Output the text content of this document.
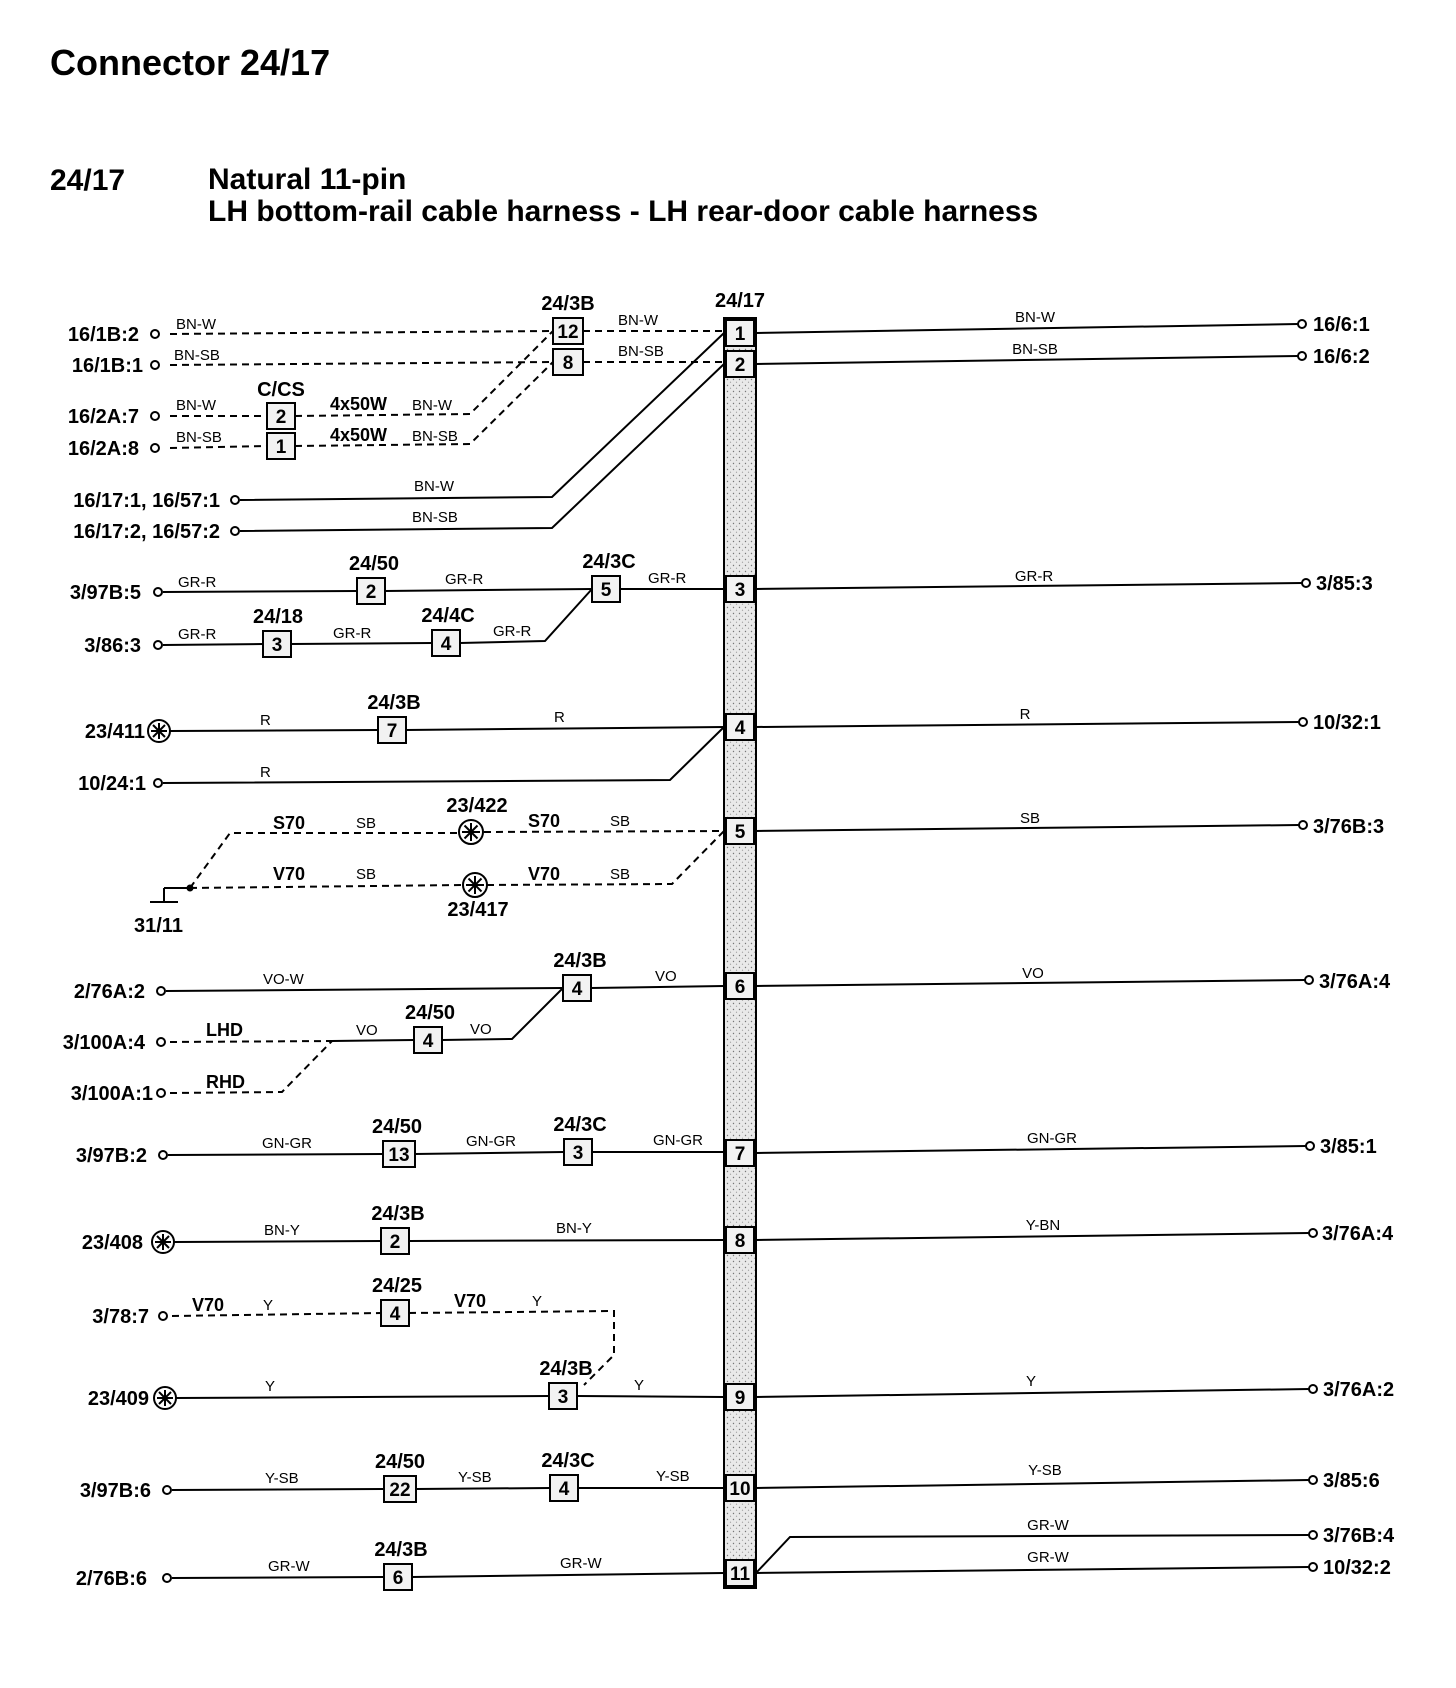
Connector 24/17
24/17	Natural 11-pin
LH bottom-rail cable harness - LH rear-door cable harness
24/17
1
2
3
4
5
6
7
8
9
10
11
BN-W	16/6:1
BN-SB	16/6:2
GR-R	3/85:3
R	10/32:1
SB	3/76B:3
VO	3/76A:4
GN-GR	3/85:1
Y-BN	3/76A:4
Y	3/76A:2
Y-SB	3/85:6
GR-W	3/76B:4
GR-W	10/32:2
16/1B:2 BN-W	12
24/3B
BN-W
16/1B:1 BN-SB	8
BN-SB
16/2A:7
BN-W
2
C/CS
4x50W BN-W
16/2A:8
BN-SB	1
4x50W BN-SB
16/17:1, 16/57:1
BN-W
16/17:2, 16/57:2
BN-SB
3/97B:5 GR-R	2
24/50
GR-R
5
24/3C
GR-R
3/86:3
GR-R
3
24/18
GR-R
4
24/4C
GR-R
23/411
R
7
24/3B
R
10/24:1
R
31/11
S70	SB
23/422
S70	SB
V70	SB
23/417
V70	SB
2/76A:2
VO-W	4
24/3B
VO
3/100A:4
LHD	VO
4
24/50
VO
3/100A:1
RHD
3/97B:2
GN-GR
13
24/50
GN-GR
3
24/3C
GN-GR
23/408
BN-Y
2
24/3B
BN-Y
3/78:7
V70	Y	4
24/25
V70	Y
23/409
Y
3
24/3B
Y
3/97B:6
Y-SB
22
24/50
Y-SB
4
24/3C
Y-SB
2/76B:6
GR-W
6
24/3B
GR-W
